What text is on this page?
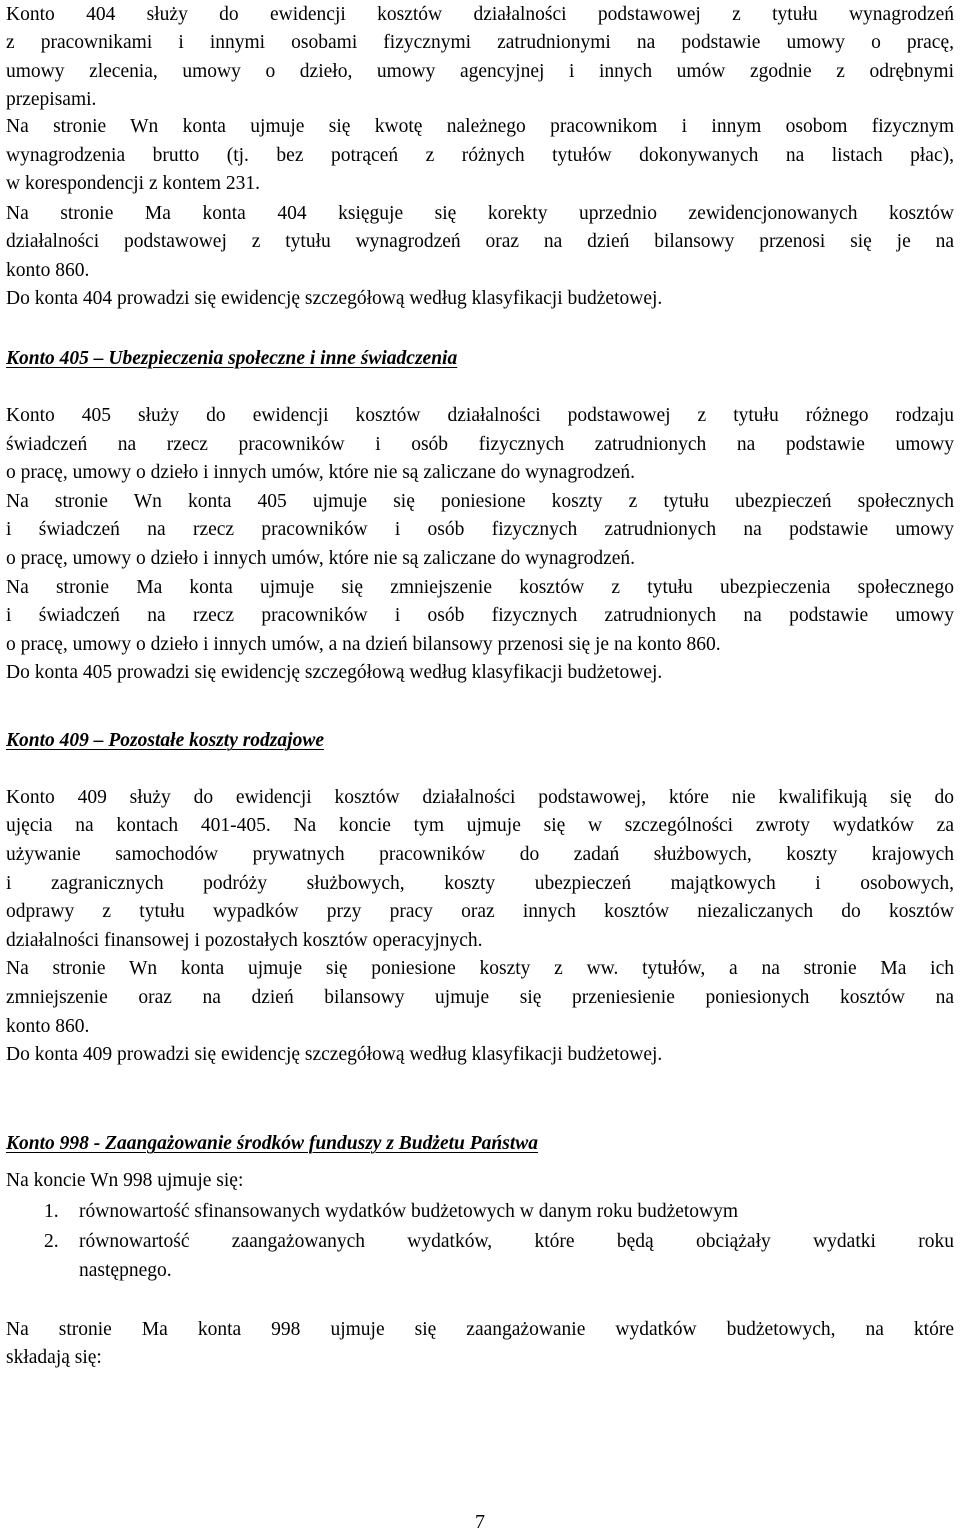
Konto 404 służy do ewidencji kosztów działalności podstawowej z tytułu wynagrodzeń
z pracownikami i innymi osobami fizycznymi zatrudnionymi na podstawie umowy o pracę,
umowy zlecenia, umowy o dzieło, umowy agencyjnej i innych umów zgodnie z odrębnymi
przepisami.
Na stronie Wn konta ujmuje się kwotę należnego pracownikom i innym osobom fizycznym
wynagrodzenia brutto (tj. bez potrąceń z różnych tytułów dokonywanych na listach płac),
w korespondencji z kontem 231.
Na stronie Ma konta 404 księguje się korekty uprzednio zewidencjonowanych kosztów
działalności podstawowej z tytułu wynagrodzeń oraz na dzień bilansowy przenosi się je na
konto 860.
Do konta 404 prowadzi się ewidencję szczegółową według klasyfikacji budżetowej.
Konto 405 – Ubezpieczenia społeczne i inne świadczenia
Konto 405 służy do ewidencji kosztów działalności podstawowej z tytułu różnego rodzaju
świadczeń na rzecz pracowników i osób fizycznych zatrudnionych na podstawie umowy
o pracę, umowy o dzieło i innych umów, które nie są zaliczane do wynagrodzeń.
Na stronie Wn konta 405 ujmuje się poniesione koszty z tytułu ubezpieczeń społecznych
i świadczeń na rzecz pracowników i osób fizycznych zatrudnionych na podstawie umowy
o pracę, umowy o dzieło i innych umów, które nie są zaliczane do wynagrodzeń.
Na stronie Ma konta ujmuje się zmniejszenie kosztów z tytułu ubezpieczenia społecznego
i świadczeń na rzecz pracowników i osób fizycznych zatrudnionych na podstawie umowy
o pracę, umowy o dzieło i innych umów, a na dzień bilansowy przenosi się je na konto 860.
Do konta 405 prowadzi się ewidencję szczegółową według klasyfikacji budżetowej.
Konto 409 – Pozostałe koszty rodzajowe
Konto 409 służy do ewidencji kosztów działalności podstawowej, które nie kwalifikują się do
ujęcia na kontach 401-405. Na koncie tym ujmuje się w szczególności zwroty wydatków za
używanie samochodów prywatnych pracowników do zadań służbowych, koszty krajowych
i zagranicznych podróży służbowych, koszty ubezpieczeń majątkowych i osobowych,
odprawy z tytułu wypadków przy pracy oraz innych kosztów niezaliczanych do kosztów
działalności finansowej i pozostałych kosztów operacyjnych.
Na stronie Wn konta ujmuje się poniesione koszty z ww. tytułów, a na stronie Ma ich
zmniejszenie oraz na dzień bilansowy ujmuje się przeniesienie poniesionych kosztów na
konto 860.
Do konta 409 prowadzi się ewidencję szczegółową według klasyfikacji budżetowej.
Konto 998 - Zaangażowanie środków funduszy z Budżetu Państwa
Na koncie Wn 998 ujmuje się:
1. równowartość sfinansowanych wydatków budżetowych w danym roku budżetowym
2. równowartość zaangażowanych wydatków, które będą obciążały wydatki roku
następnego.
Na stronie Ma konta 998 ujmuje się zaangażowanie wydatków budżetowych, na które
składają się:
7
